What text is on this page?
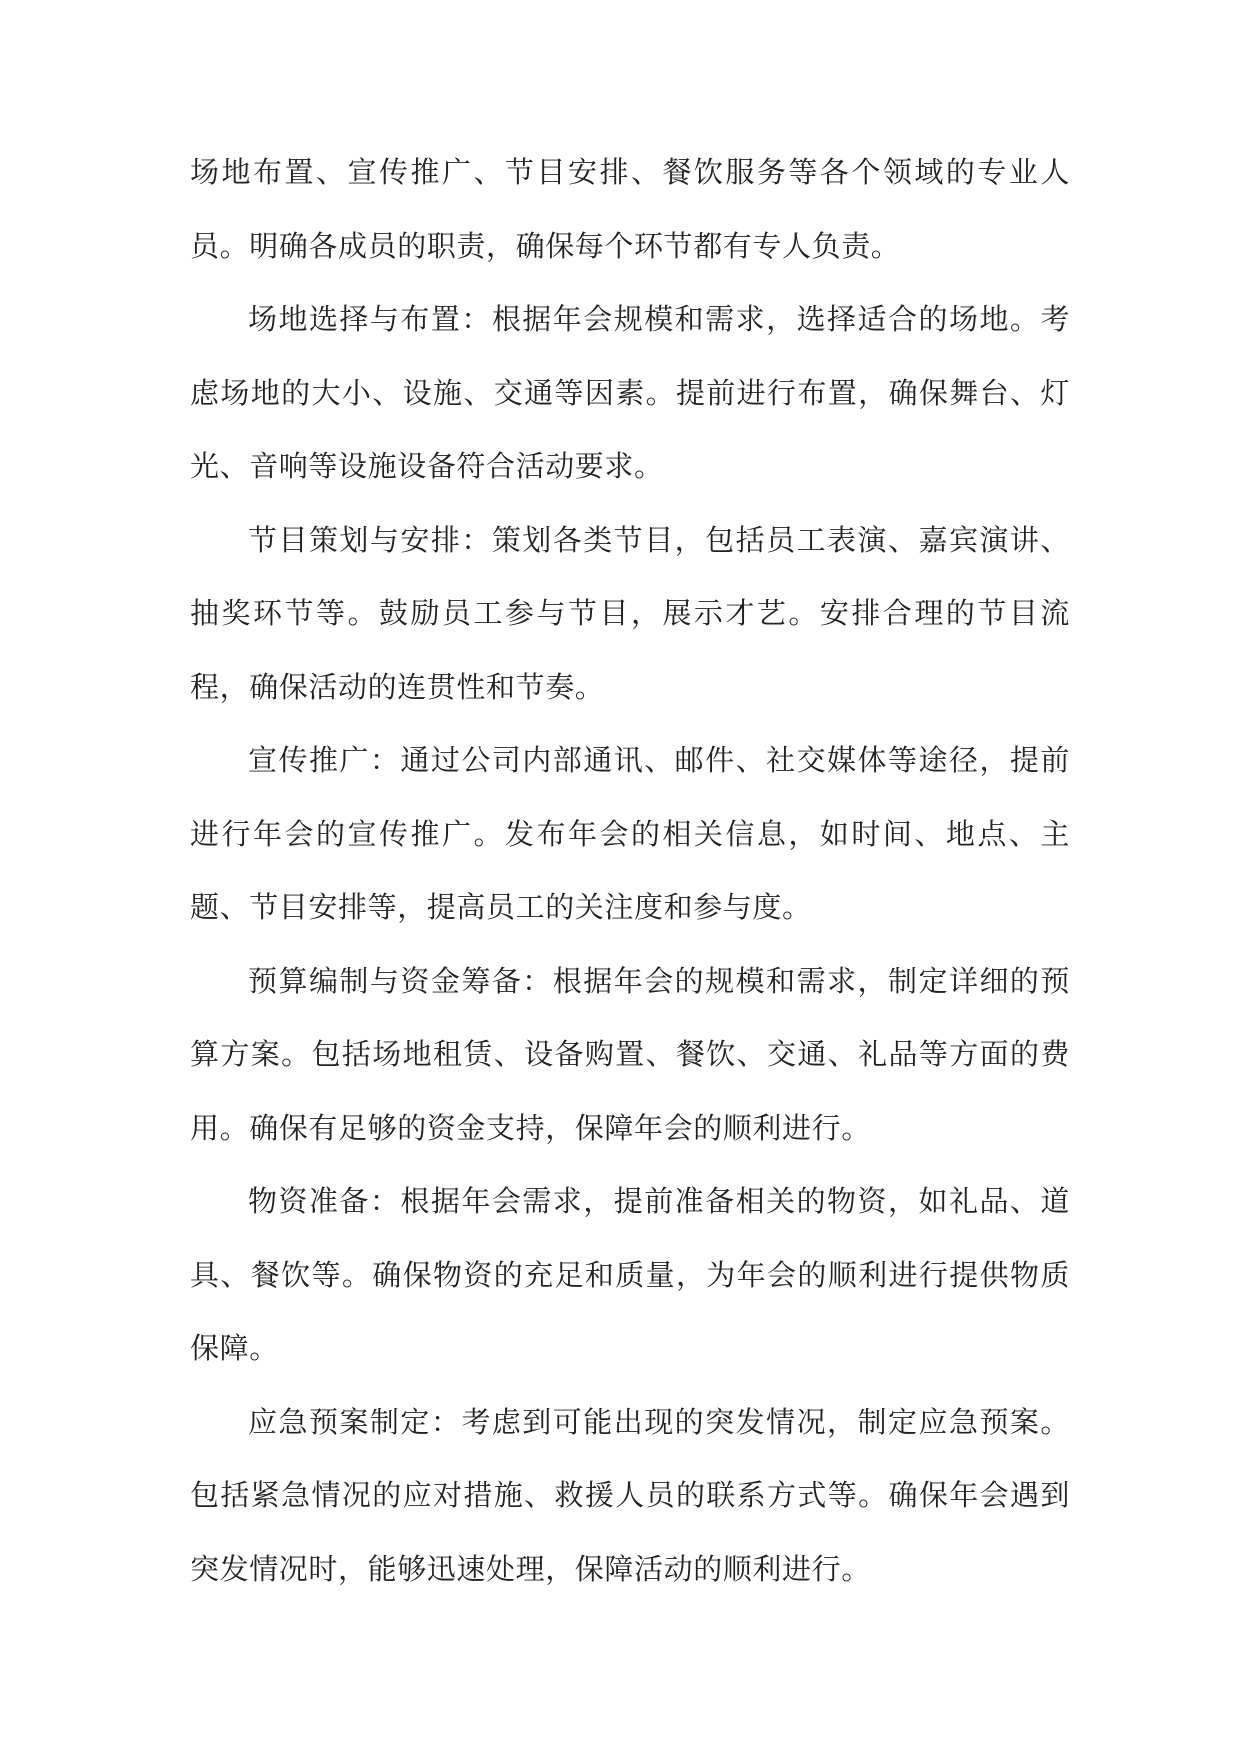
场地布置、宣传推广、节目安排、餐饮服务等各个领域的专业人员。明确各成员的职责，确保每个环节都有专人负责。

场地选择与布置：根据年会规模和需求，选择适合的场地。考虑场地的大小、设施、交通等因素。提前进行布置，确保舞台、灯光、音响等设施设备符合活动要求。

节目策划与安排：策划各类节目，包括员工表演、嘉宾演讲、抽奖环节等。鼓励员工参与节目，展示才艺。安排合理的节目流程，确保活动的连贯性和节奏。

宣传推广：通过公司内部通讯、邮件、社交媒体等途径，提前进行年会的宣传推广。发布年会的相关信息，如时间、地点、主题、节目安排等，提高员工的关注度和参与度。

预算编制与资金筹备：根据年会的规模和需求，制定详细的预算方案。包括场地租赁、设备购置、餐饮、交通、礼品等方面的费用。确保有足够的资金支持，保障年会的顺利进行。

物资准备：根据年会需求，提前准备相关的物资，如礼品、道具、餐饮等。确保物资的充足和质量，为年会的顺利进行提供物质保障。

应急预案制定：考虑到可能出现的突发情况，制定应急预案。包括紧急情况的应对措施、救援人员的联系方式等。确保年会遇到突发情况时，能够迅速处理，保障活动的顺利进行。
